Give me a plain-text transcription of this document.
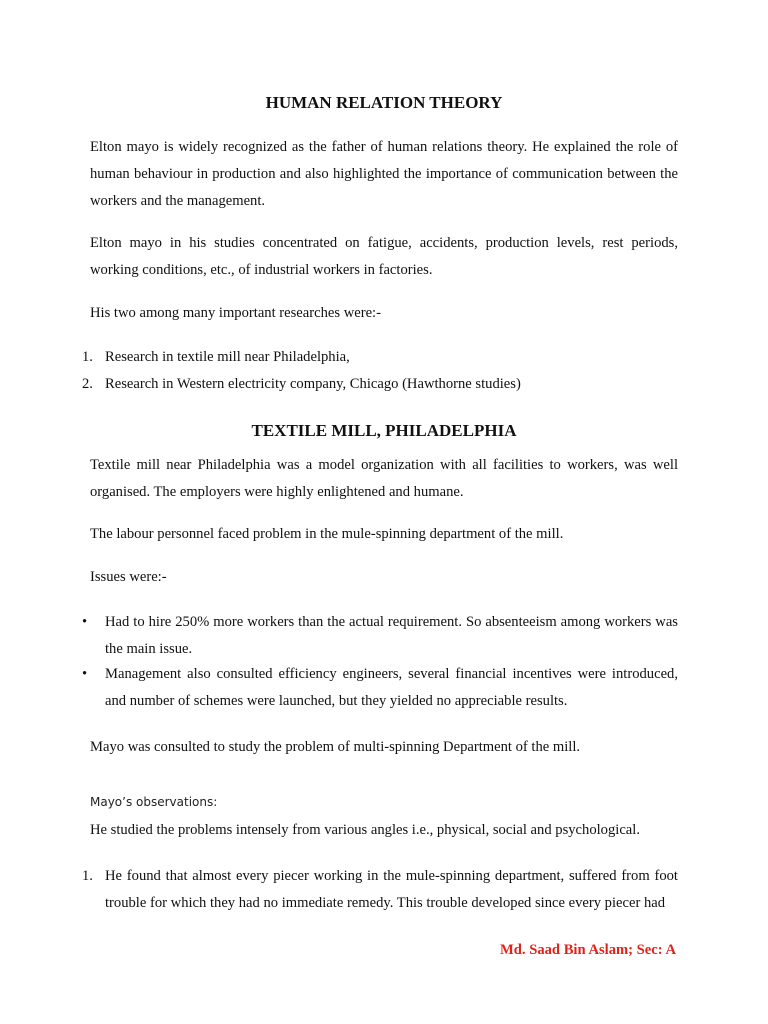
HUMAN RELATION THEORY

Elton mayo is widely recognized as the father of human relations theory. He explained the role of human behaviour in production and also highlighted the importance of communication between the workers and the management.

Elton mayo in his studies concentrated on fatigue, accidents, production levels, rest periods, working conditions, etc., of industrial workers in factories.

His two among many important researches were:-

1. Research in textile mill near Philadelphia,

2. Research in Western electricity company, Chicago (Hawthorne studies)

TEXTILE MILL, PHILADELPHIA

Textile mill near Philadelphia was a model organization with all facilities to workers, was well organised. The employers were highly enlightened and humane.

The labour personnel faced problem in the mule-spinning department of the mill.

Issues were:-

• Had to hire 250% more workers than the actual requirement. So absenteeism among workers was the main issue.

• Management also consulted efficiency engineers, several financial incentives were introduced, and number of schemes were launched, but they yielded no appreciable results.

Mayo was consulted to study the problem of multi-spinning Department of the mill.

Mayo’s observations:

He studied the problems intensely from various angles i.e., physical, social and psychological.

1. He found that almost every piecer working in the mule-spinning department, suffered from foot trouble for which they had no immediate remedy. This trouble developed since every piecer had

Md. Saad Bin Aslam; Sec: A
